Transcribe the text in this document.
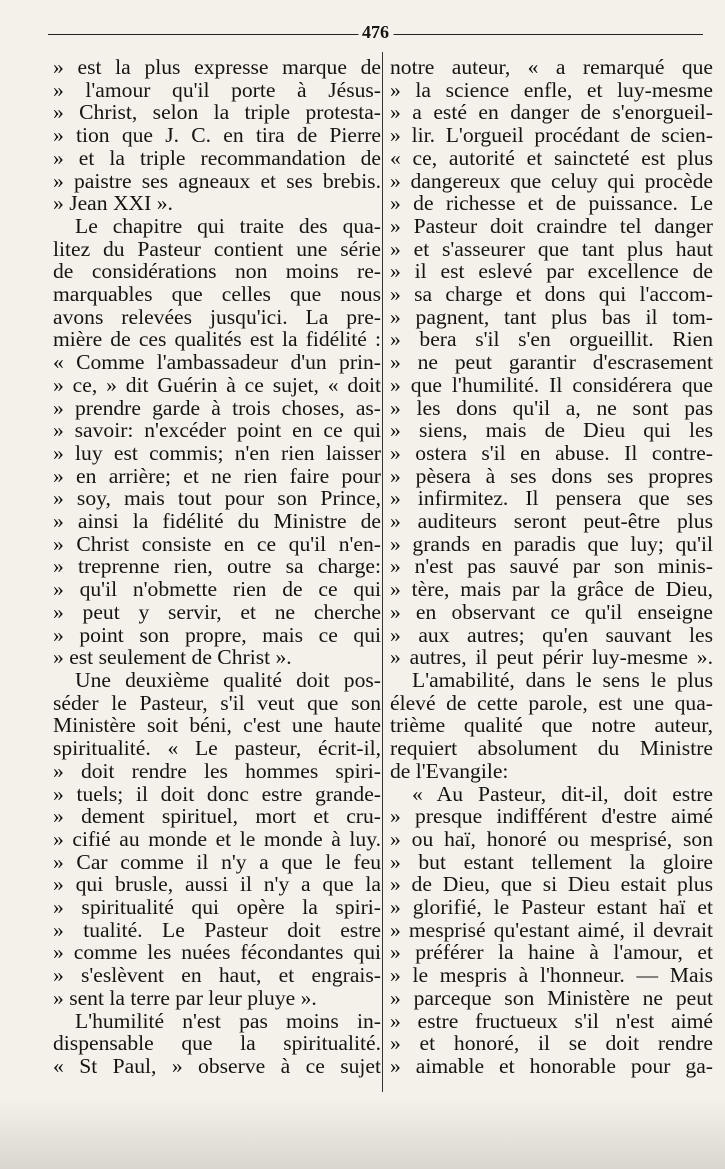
476
» est la plus expresse marque de
» l'amour qu'il porte à Jésus-
» Christ, selon la triple protesta-
» tion que J. C. en tira de Pierre
» et la triple recommandation de
» paistre ses agneaux et ses brebis.
» Jean XXI ».
Le chapitre qui traite des qua-
litez du Pasteur contient une série
de considérations non moins re-
marquables que celles que nous
avons relevées jusqu'ici. La pre-
mière de ces qualités est la fidélité :
« Comme l'ambassadeur d'un prin-
» ce, » dit Guérin à ce sujet, « doit
» prendre garde à trois choses, as-
» savoir: n'excéder point en ce qui
» luy est commis; n'en rien laisser
» en arrière; et ne rien faire pour
» soy, mais tout pour son Prince,
» ainsi la fidélité du Ministre de
» Christ consiste en ce qu'il n'en-
» treprenne rien, outre sa charge:
» qu'il n'obmette rien de ce qui
» peut y servir, et ne cherche
» point son propre, mais ce qui
» est seulement de Christ ».
Une deuxième qualité doit pos-
séder le Pasteur, s'il veut que son
Ministère soit béni, c'est une haute
spiritualité. « Le pasteur, écrit-il,
» doit rendre les hommes spiri-
» tuels; il doit donc estre grande-
» dement spirituel, mort et cru-
» cifié au monde et le monde à luy.
» Car comme il n'y a que le feu
» qui brusle, aussi il n'y a que la
» spiritualité qui opère la spiri-
» tualité. Le Pasteur doit estre
» comme les nuées fécondantes qui
» s'eslèvent en haut, et engrais-
» sent la terre par leur pluye ».
L'humilité n'est pas moins in-
dispensable que la spiritualité.
« St Paul, » observe à ce sujet
notre auteur, « a remarqué que
» la science enfle, et luy-mesme
» a esté en danger de s'enorgueil-
» lir. L'orgueil procédant de scien-
« ce, autorité et saincteté est plus
» dangereux que celuy qui procède
» de richesse et de puissance. Le
» Pasteur doit craindre tel danger
» et s'asseurer que tant plus haut
» il est eslevé par excellence de
» sa charge et dons qui l'accom-
» pagnent, tant plus bas il tom-
» bera s'il s'en orgueillit. Rien
» ne peut garantir d'escrasement
» que l'humilité. Il considérera que
» les dons qu'il a, ne sont pas
» siens, mais de Dieu qui les
» ostera s'il en abuse. Il contre-
» pèsera à ses dons ses propres
» infirmitez. Il pensera que ses
» auditeurs seront peut-être plus
» grands en paradis que luy; qu'il
» n'est pas sauvé par son minis-
» tère, mais par la grâce de Dieu,
» en observant ce qu'il enseigne
» aux autres; qu'en sauvant les
» autres, il peut périr luy-mesme ».
L'amabilité, dans le sens le plus
élevé de cette parole, est une qua-
trième qualité que notre auteur,
requiert absolument du Ministre
de l'Evangile:
« Au Pasteur, dit-il, doit estre
» presque indifférent d'estre aimé
» ou haï, honoré ou mesprisé, son
» but estant tellement la gloire
» de Dieu, que si Dieu estait plus
» glorifié, le Pasteur estant haï et
» mesprisé qu'estant aimé, il devrait
» préférer la haine à l'amour, et
» le mespris à l'honneur. — Mais
» parceque son Ministère ne peut
» estre fructueux s'il n'est aimé
» et honoré, il se doit rendre
» aimable et honorable pour ga-
